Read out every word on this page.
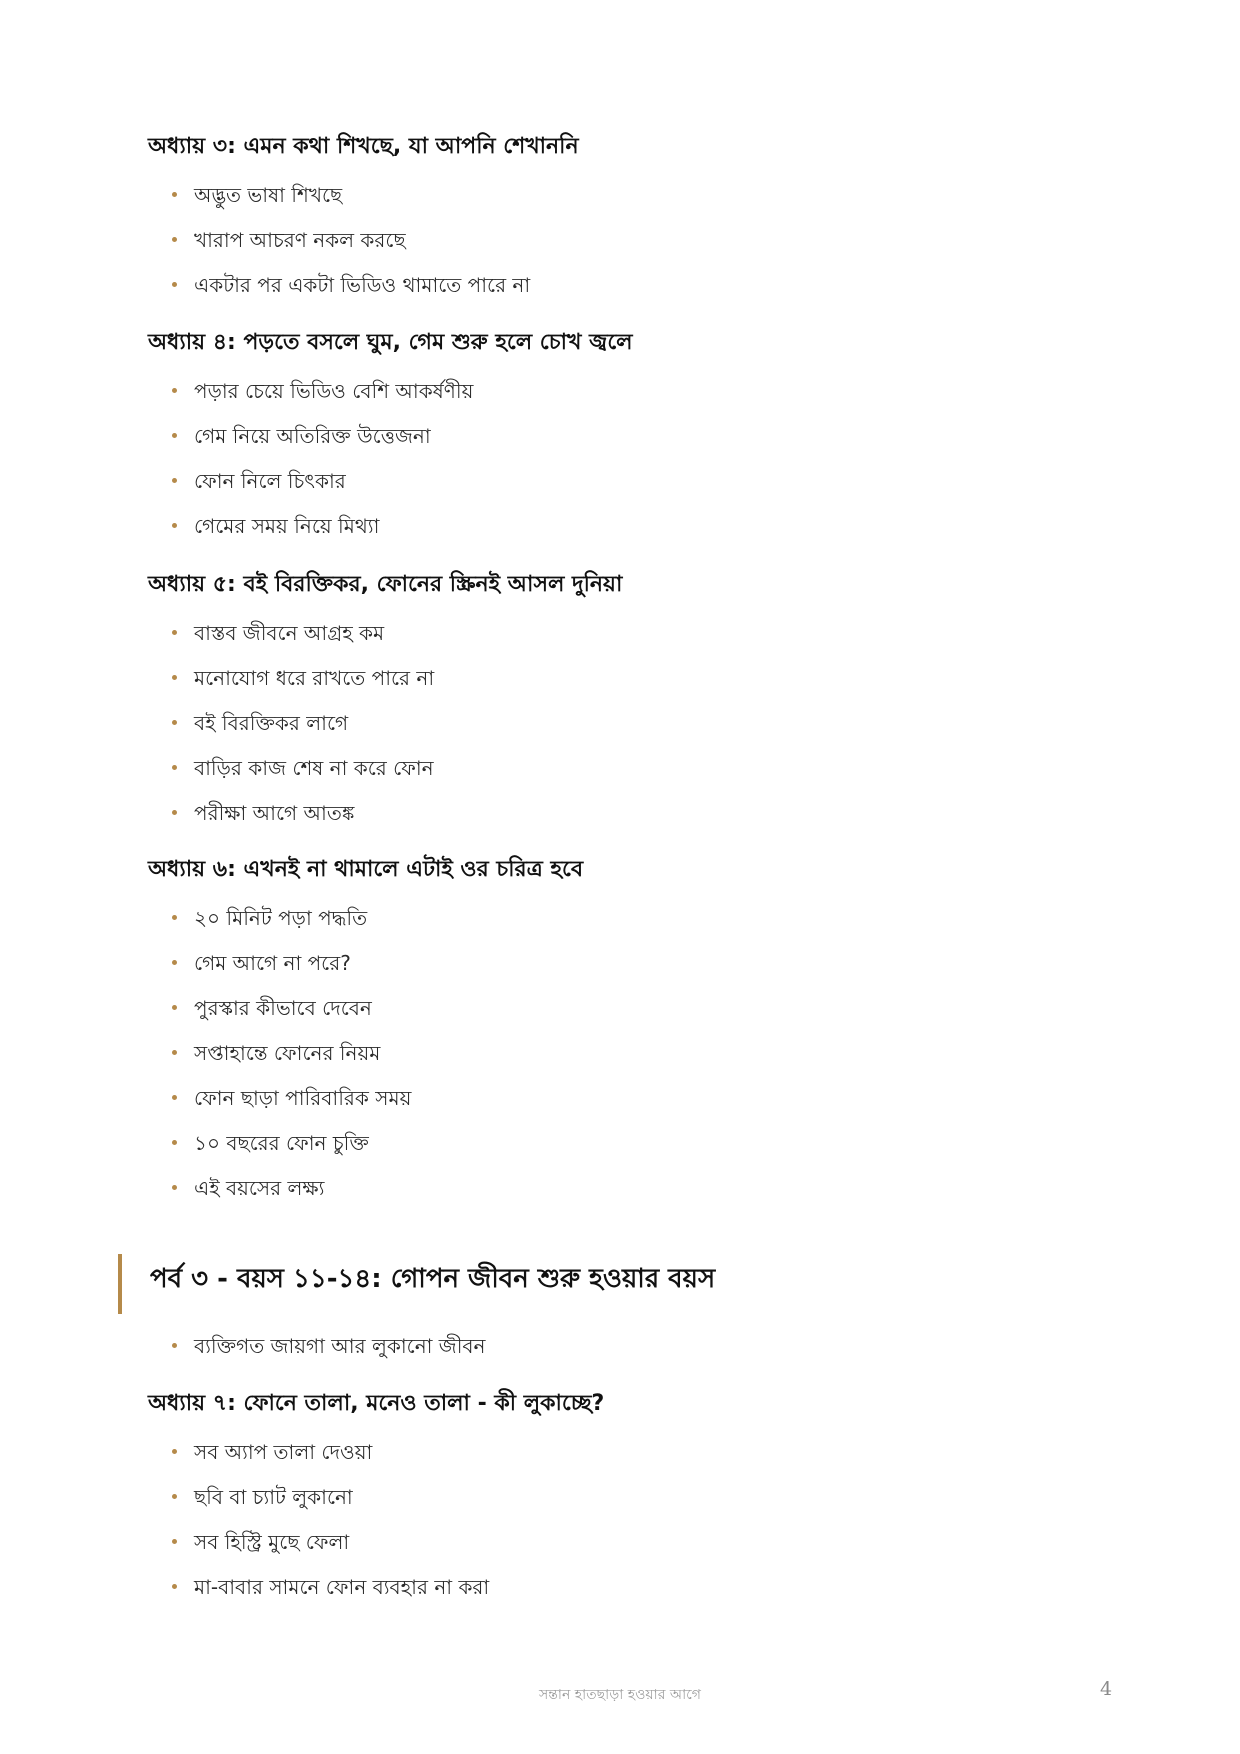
অধ্যায় ৩: এমন কথা শিখছে, যা আপনি শেখাননি
অদ্ভুত ভাষা শিখছে
খারাপ আচরণ নকল করছে
একটার পর একটা ভিডিও থামাতে পারে না
অধ্যায় ৪: পড়তে বসলে ঘুম, গেম শুরু হলে চোখ জ্বলে
পড়ার চেয়ে ভিডিও বেশি আকর্ষণীয়
গেম নিয়ে অতিরিক্ত উত্তেজনা
ফোন নিলে চিৎকার
গেমের সময় নিয়ে মিথ্যা
অধ্যায় ৫: বই বিরক্তিকর, ফোনের স্ক্রিনই আসল দুনিয়া
বাস্তব জীবনে আগ্রহ কম
মনোযোগ ধরে রাখতে পারে না
বই বিরক্তিকর লাগে
বাড়ির কাজ শেষ না করে ফোন
পরীক্ষা আগে আতঙ্ক
অধ্যায় ৬: এখনই না থামালে এটাই ওর চরিত্র হবে
২০ মিনিট পড়া পদ্ধতি
গেম আগে না পরে?
পুরস্কার কীভাবে দেবেন
সপ্তাহান্তে ফোনের নিয়ম
ফোন ছাড়া পারিবারিক সময়
১০ বছরের ফোন চুক্তি
এই বয়সের লক্ষ্য
পর্ব ৩ - বয়স ১১-১৪: গোপন জীবন শুরু হওয়ার বয়স
ব্যক্তিগত জায়গা আর লুকানো জীবন
অধ্যায় ৭: ফোনে তালা, মনেও তালা - কী লুকাচ্ছে?
সব অ্যাপ তালা দেওয়া
ছবি বা চ্যাট লুকানো
সব হিস্ট্রি মুছে ফেলা
মা-বাবার সামনে ফোন ব্যবহার না করা
সন্তান হাতছাড়া হওয়ার আগে	4
